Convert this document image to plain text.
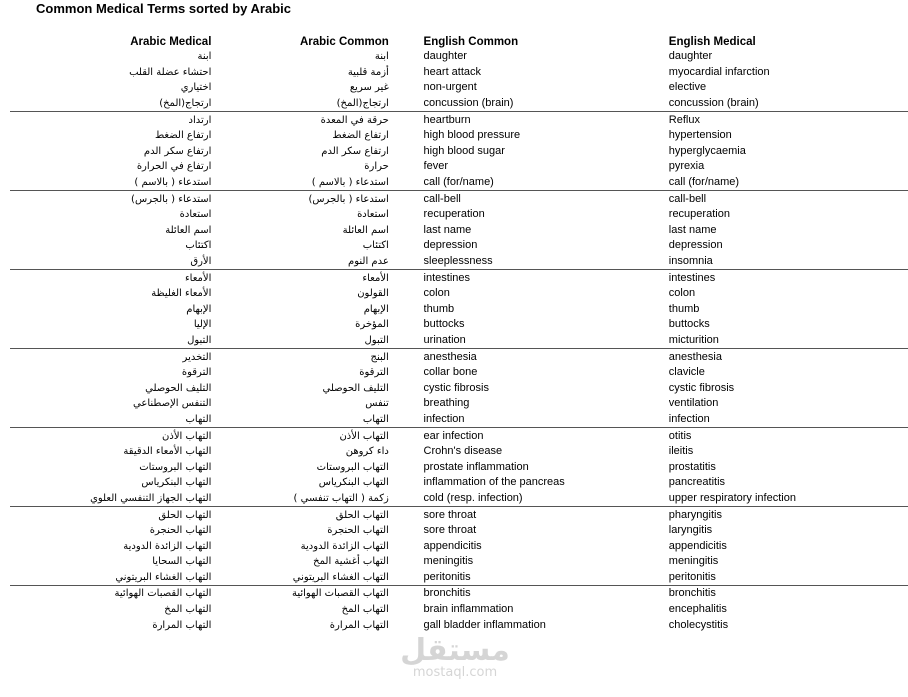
Common Medical Terms sorted by Arabic
Arabic Medical	Arabic Common		English Common	English Medical
ابنة	ابنة		daughter	daughter
احتشاء عضلة القلب	أزمة قلبية		heart attack	myocardial infarction
اختياري	غير سريع		non-urgent	elective
ارتجاج(المخ)	ارتجاج(المخ)		concussion (brain)	concussion (brain)
ارتداد	حرقة في المعدة		heartburn	Reflux
ارتفاع الضغط	ارتفاع الضغط		high blood pressure	hypertension
ارتفاع سكر الدم	ارتفاع سكر الدم		high blood sugar	hyperglycaemia
ارتفاع في الحرارة	حرارة		fever	pyrexia
استدعاء ( بالاسم )	استدعاء ( بالاسم )		call (for/name)	call (for/name)
استدعاء ( بالجرس)	استدعاء ( بالجرس)		call-bell	call-bell
استعادة	استعادة		recuperation	recuperation
اسم العائلة	اسم العائلة		last name	last name
اكتئاب	اكتئاب		depression	depression
الأرق	عدم النوم		sleeplessness	insomnia
الأمعاء	الأمعاء		intestines	intestines
الأمعاء الغليظة	القولون		colon	colon
الإبهام	الإبهام		thumb	thumb
الإليا	المؤخرة		buttocks	buttocks
التبول	التبول		urination	micturition
التخدير	البنج		anesthesia	anesthesia
الترقوة	الترقوة		collar bone	clavicle
التليف الحوصلي	التليف الحوصلي		cystic fibrosis	cystic fibrosis
التنفس الإصطناعي	تنفس		breathing	ventilation
التهاب	التهاب		infection	infection
التهاب الأذن	التهاب الأذن		ear infection	otitis
التهاب الأمعاء الدقيقة	داء كروهن		Crohn's disease	ileitis
التهاب البروستات	التهاب البروستات		prostate inflammation	prostatitis
التهاب البنكرياس	التهاب البنكرياس		inflammation of the pancreas	pancreatitis
التهاب الجهاز التنفسي العلوي	زكمة ( التهاب تنفسي )		cold (resp. infection)	upper respiratory infection
التهاب الحلق	التهاب الحلق		sore throat	pharyngitis
التهاب الحنجرة	التهاب الحنجرة		sore throat	laryngitis
التهاب الزائدة الدودية	التهاب الزائدة الدودية		appendicitis	appendicitis
التهاب السحايا	التهاب أغشية المخ		meningitis	meningitis
التهاب الغشاء البريتوني	التهاب الغشاء البريتوني		peritonitis	peritonitis
التهاب القصبات الهوائية	التهاب القصبات الهوائية		bronchitis	bronchitis
التهاب المخ	التهاب المخ		brain inflammation	encephalitis
التهاب المرارة	التهاب المرارة		gall bladder inflammation	cholecystitis
مستقل
mostaql.com
